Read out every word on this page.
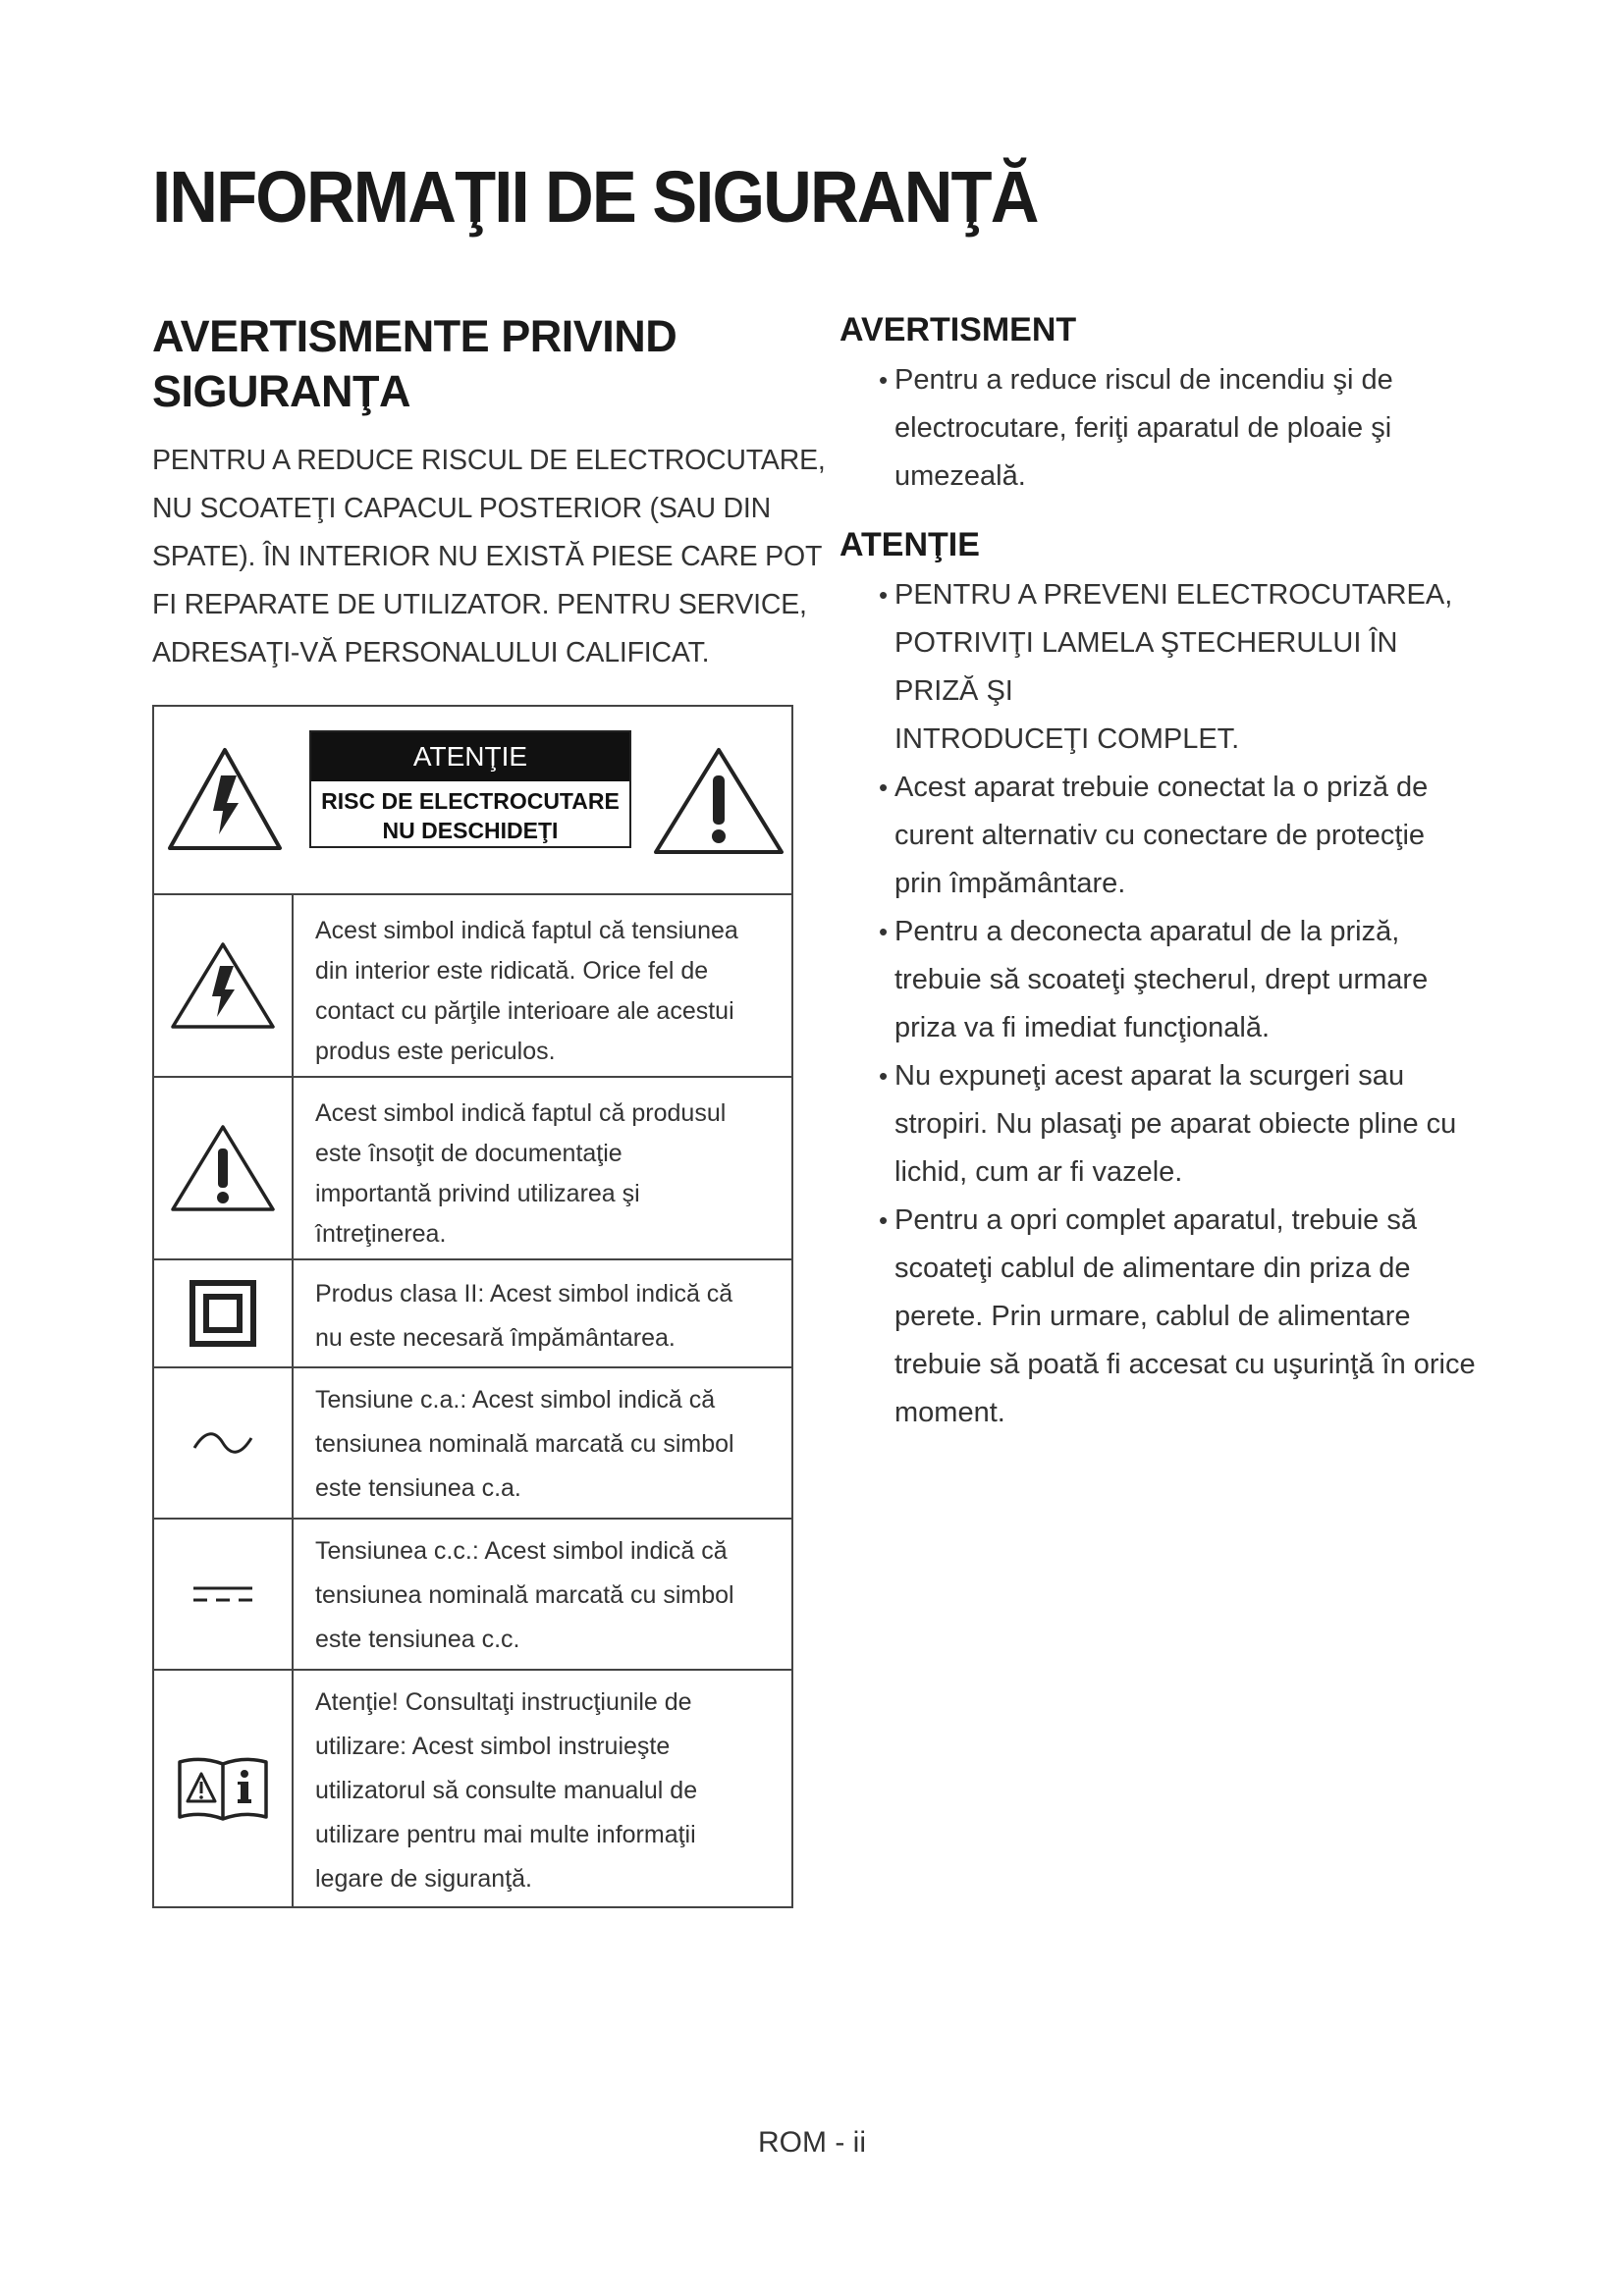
INFORMAŢII DE SIGURANŢĂ
AVERTISMENTE PRIVIND
SIGURANŢA

PENTRU A REDUCE RISCUL DE ELECTROCUTARE,
NU SCOATEŢI CAPACUL POSTERIOR (SAU DIN
SPATE). ÎN INTERIOR NU EXISTĂ PIESE CARE POT
FI REPARATE DE UTILIZATOR. PENTRU SERVICE,
ADRESAŢI-VĂ PERSONALULUI CALIFICAT.

ATENŢIE
RISC DE ELECTROCUTARE
NU DESCHIDEŢI
Acest simbol indică faptul că tensiunea
din interior este ridicată. Orice fel de
contact cu părţile interioare ale acestui
produs este periculos.
Acest simbol indică faptul că produsul
este însoţit de documentaţie
importantă privind utilizarea şi
întreţinerea.
Produs clasa II: Acest simbol indică că
nu este necesară împământarea.
Tensiune c.a.: Acest simbol indică că
tensiunea nominală marcată cu simbol
este tensiunea c.a.
Tensiunea c.c.: Acest simbol indică că
tensiunea nominală marcată cu simbol
este tensiunea c.c.
Atenţie! Consultaţi instrucţiunile de
utilizare: Acest simbol instruieşte
utilizatorul să consulte manualul de
utilizare pentru mai multe informaţii
legare de siguranţă.
AVERTISMENT
• Pentru a reduce riscul de incendiu şi de
electrocutare, feriţi aparatul de ploaie şi
umezeală.
ATENŢIE
• PENTRU A PREVENI ELECTROCUTAREA,
POTRIVIŢI LAMELA ŞTECHERULUI ÎN PRIZĂ ŞI
INTRODUCEŢI COMPLET.
• Acest aparat trebuie conectat la o priză de
curent alternativ cu conectare de protecţie
prin împământare.
• Pentru a deconecta aparatul de la priză,
trebuie să scoateţi ştecherul, drept urmare
priza va fi imediat funcţională.
• Nu expuneţi acest aparat la scurgeri sau
stropiri. Nu plasaţi pe aparat obiecte pline cu
lichid, cum ar fi vazele.
• Pentru a opri complet aparatul, trebuie să
scoateţi cablul de alimentare din priza de
perete. Prin urmare, cablul de alimentare
trebuie să poată fi accesat cu uşurinţă în orice
moment.
ROM - ii
